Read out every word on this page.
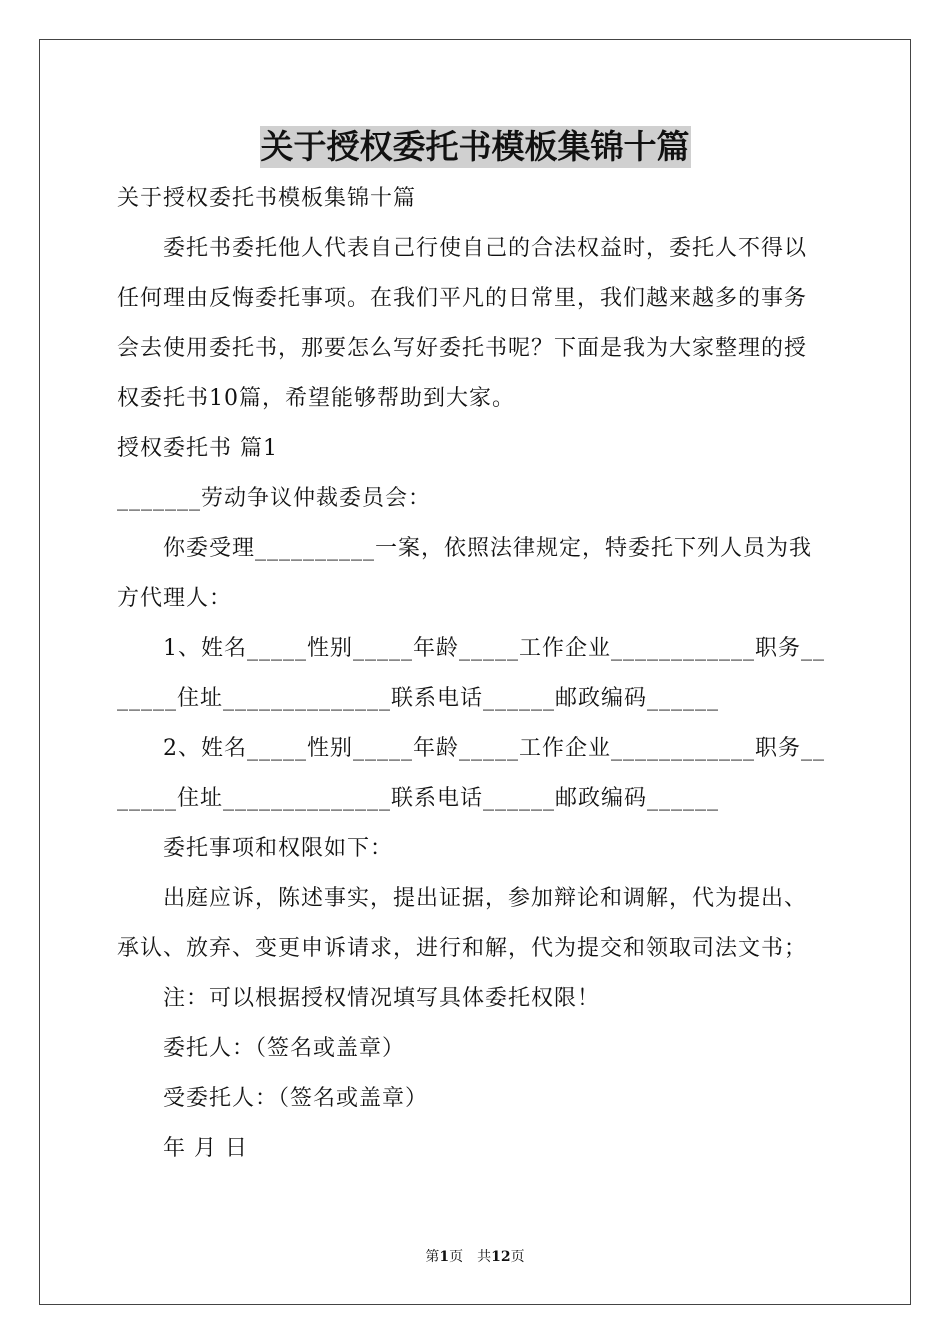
关于授权委托书模板集锦十篇
关于授权委托书模板集锦十篇
委托书委托他人代表自己行使自己的合法权益时，委托人不得以
任何理由反悔委托事项。在我们平凡的日常里，我们越来越多的事务
会去使用委托书，那要怎么写好委托书呢？下面是我为大家整理的授
权委托书10篇，希望能够帮助到大家。
授权委托书 篇1
_______劳动争议仲裁委员会：
你委受理__________一案，依照法律规定，特委托下列人员为我
方代理人：
1、姓名_____性别_____年龄_____工作企业____________职务__
_____住址______________联系电话______邮政编码______
2、姓名_____性别_____年龄_____工作企业____________职务__
_____住址______________联系电话______邮政编码______
委托事项和权限如下：
出庭应诉，陈述事实，提出证据，参加辩论和调解，代为提出、
承认、放弃、变更申诉请求，进行和解，代为提交和领取司法文书；
注：可以根据授权情况填写具体委托权限！
委托人：（签名或盖章）
受委托人：（签名或盖章）
年 月 日
第1页　共12页
